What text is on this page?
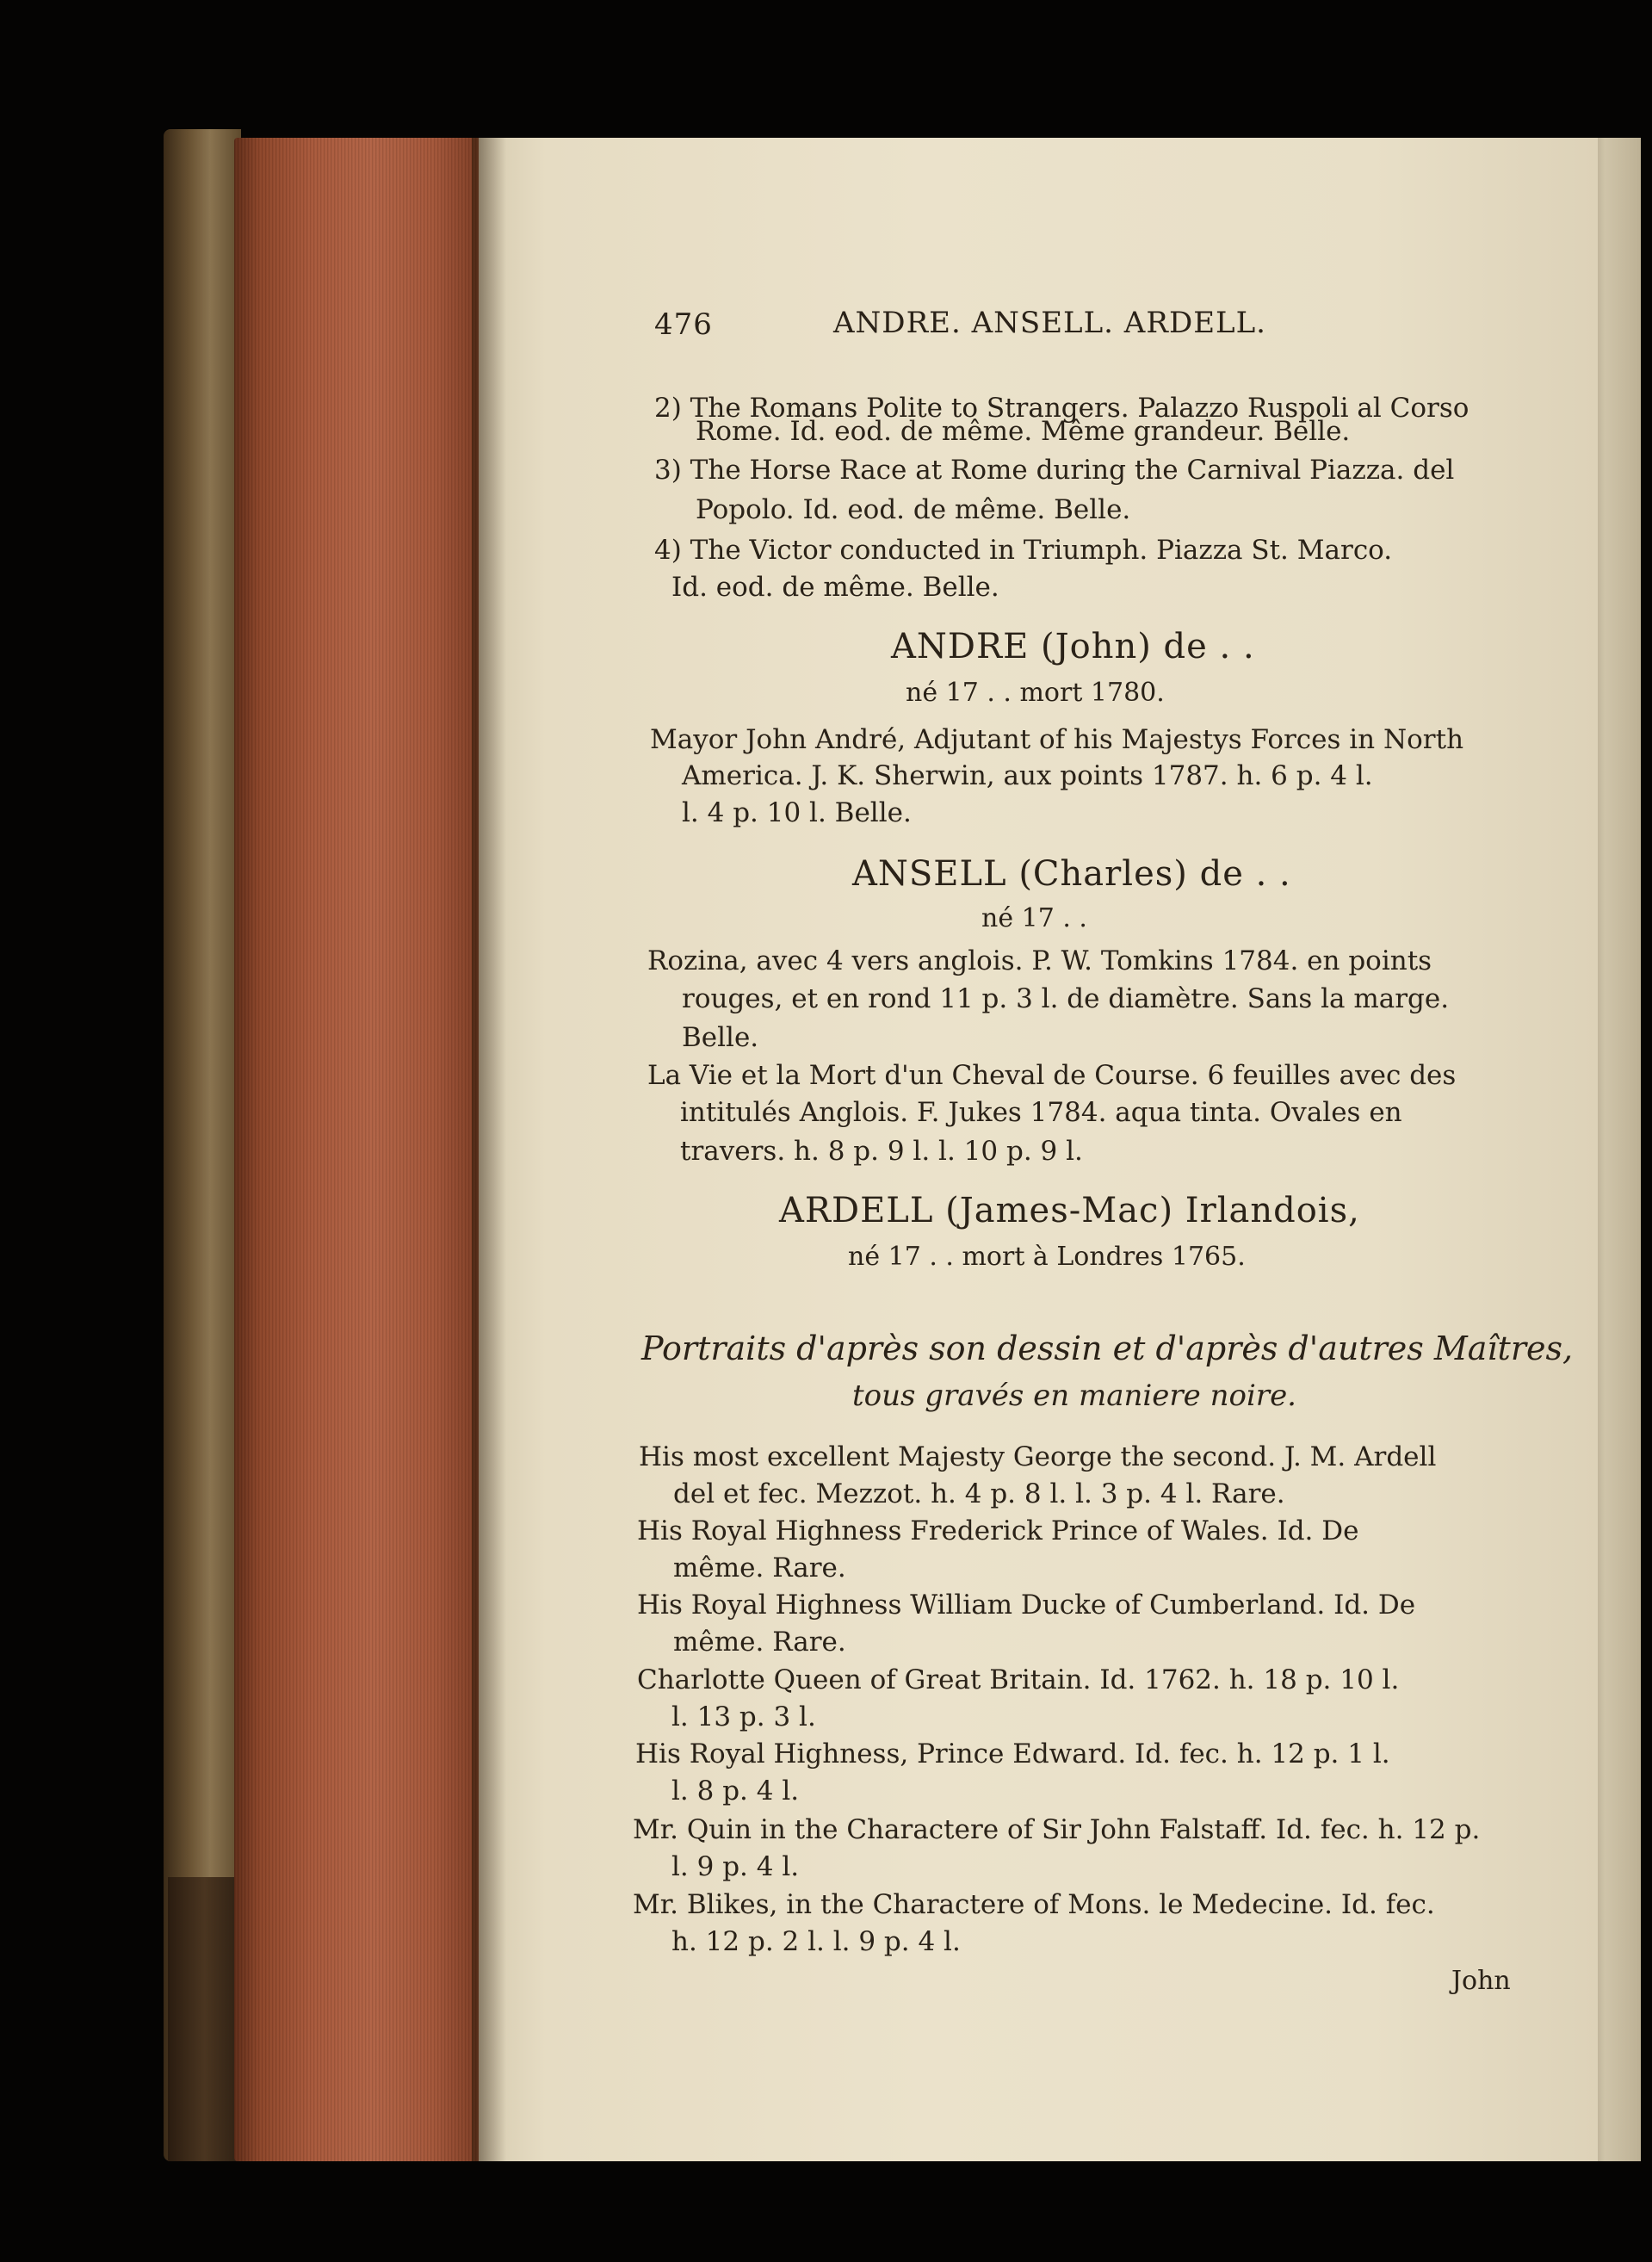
476	ANDRE. ANSELL. ARDELL.
2) The Romans Polite to Strangers. Palazzo Ruspoli al Corso
Rome. Id. eod. de même. Même grandeur. Belle.
3) The Horse Race at Rome during the Carnival Piazza. del
Popolo. Id. eod. de même. Belle.
4) The Victor conducted in Triumph. Piazza St. Marco.
Id. eod. de même. Belle.
ANDRE (John) de . .
né 17 . . mort 1780.
Mayor John André, Adjutant of his Majestys Forces in North
America. J. K. Sherwin, aux points 1787. h. 6 p. 4 l.
l. 4 p. 10 l. Belle.
ANSELL (Charles) de . .
né 17 . .
Rozina, avec 4 vers anglois. P. W. Tomkins 1784. en points
rouges, et en rond 11 p. 3 l. de diamètre. Sans la marge.
Belle.
La Vie et la Mort d'un Cheval de Course. 6 feuilles avec des
intitulés Anglois. F. Jukes 1784. aqua tinta. Ovales en
travers. h. 8 p. 9 l. l. 10 p. 9 l.
ARDELL (James-Mac) Irlandois,
né 17 . . mort à Londres 1765.
Portraits d'après son dessin et d'après d'autres Maîtres,
tous gravés en maniere noire.
His most excellent Majesty George the second. J. M. Ardell
del et fec. Mezzot. h. 4 p. 8 l. l. 3 p. 4 l. Rare.
His Royal Highness Frederick Prince of Wales. Id. De
même. Rare.
His Royal Highness William Ducke of Cumberland. Id. De
même. Rare.
Charlotte Queen of Great Britain. Id. 1762. h. 18 p. 10 l.
l. 13 p. 3 l.
His Royal Highness, Prince Edward. Id. fec. h. 12 p. 1 l.
l. 8 p. 4 l.
Mr. Quin in the Charactere of Sir John Falstaff. Id. fec. h. 12 p.
l. 9 p. 4 l.
Mr. Blikes, in the Charactere of Mons. le Medecine. Id. fec.
h. 12 p. 2 l. l. 9 p. 4 l.
John
